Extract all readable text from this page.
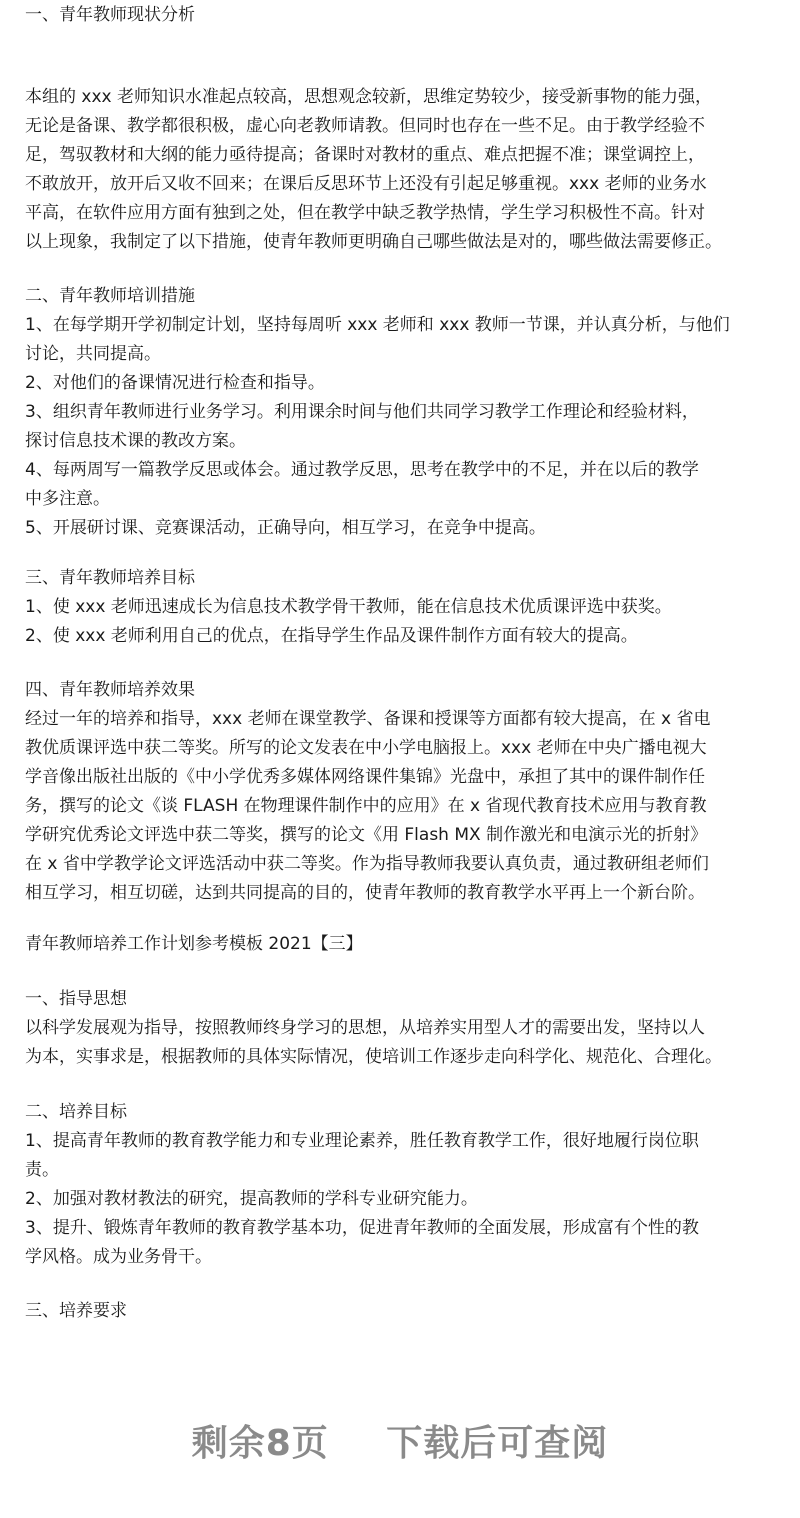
一、青年教师现状分析
本组的 xxx 老师知识水准起点较高，思想观念较新，思维定势较少，接受新事物的能力强，
无论是备课、教学都很积极，虚心向老教师请教。但同时也存在一些不足。由于教学经验不
足，驾驭教材和大纲的能力亟待提高；备课时对教材的重点、难点把握不准；课堂调控上，
不敢放开，放开后又收不回来；在课后反思环节上还没有引起足够重视。xxx 老师的业务水
平高，在软件应用方面有独到之处，但在教学中缺乏教学热情，学生学习积极性不高。针对
以上现象，我制定了以下措施，使青年教师更明确自己哪些做法是对的，哪些做法需要修正。
二、青年教师培训措施
1、在每学期开学初制定计划，坚持每周听 xxx 老师和 xxx 教师一节课，并认真分析，与他们
讨论，共同提高。
2、对他们的备课情况进行检查和指导。
3、组织青年教师进行业务学习。利用课余时间与他们共同学习教学工作理论和经验材料，
探讨信息技术课的教改方案。
4、每两周写一篇教学反思或体会。通过教学反思，思考在教学中的不足，并在以后的教学
中多注意。
5、开展研讨课、竞赛课活动，正确导向，相互学习，在竞争中提高。
三、青年教师培养目标
1、使 xxx 老师迅速成长为信息技术教学骨干教师，能在信息技术优质课评选中获奖。
2、使 xxx 老师利用自己的优点，在指导学生作品及课件制作方面有较大的提高。
四、青年教师培养效果
经过一年的培养和指导，xxx 老师在课堂教学、备课和授课等方面都有较大提高，在 x 省电
教优质课评选中获二等奖。所写的论文发表在中小学电脑报上。xxx 老师在中央广播电视大
学音像出版社出版的《中小学优秀多媒体网络课件集锦》光盘中，承担了其中的课件制作任
务，撰写的论文《谈 FLASH 在物理课件制作中的应用》在 x 省现代教育技术应用与教育教
学研究优秀论文评选中获二等奖，撰写的论文《用 Flash MX 制作激光和电演示光的折射》
在 x 省中学教学论文评选活动中获二等奖。作为指导教师我要认真负责，通过教研组老师们
相互学习，相互切磋，达到共同提高的目的，使青年教师的教育教学水平再上一个新台阶。
青年教师培养工作计划参考模板 2021【三】
一、指导思想
以科学发展观为指导，按照教师终身学习的思想，从培养实用型人才的需要出发，坚持以人
为本，实事求是，根据教师的具体实际情况，使培训工作逐步走向科学化、规范化、合理化。
二、培养目标
1、提高青年教师的教育教学能力和专业理论素养，胜任教育教学工作，很好地履行岗位职
责。
2、加强对教材教法的研究，提高教师的学科专业研究能力。
3、提升、锻炼青年教师的教育教学基本功，促进青年教师的全面发展，形成富有个性的教
学风格。成为业务骨干。
三、培养要求
剩余8页 下载后可查阅
